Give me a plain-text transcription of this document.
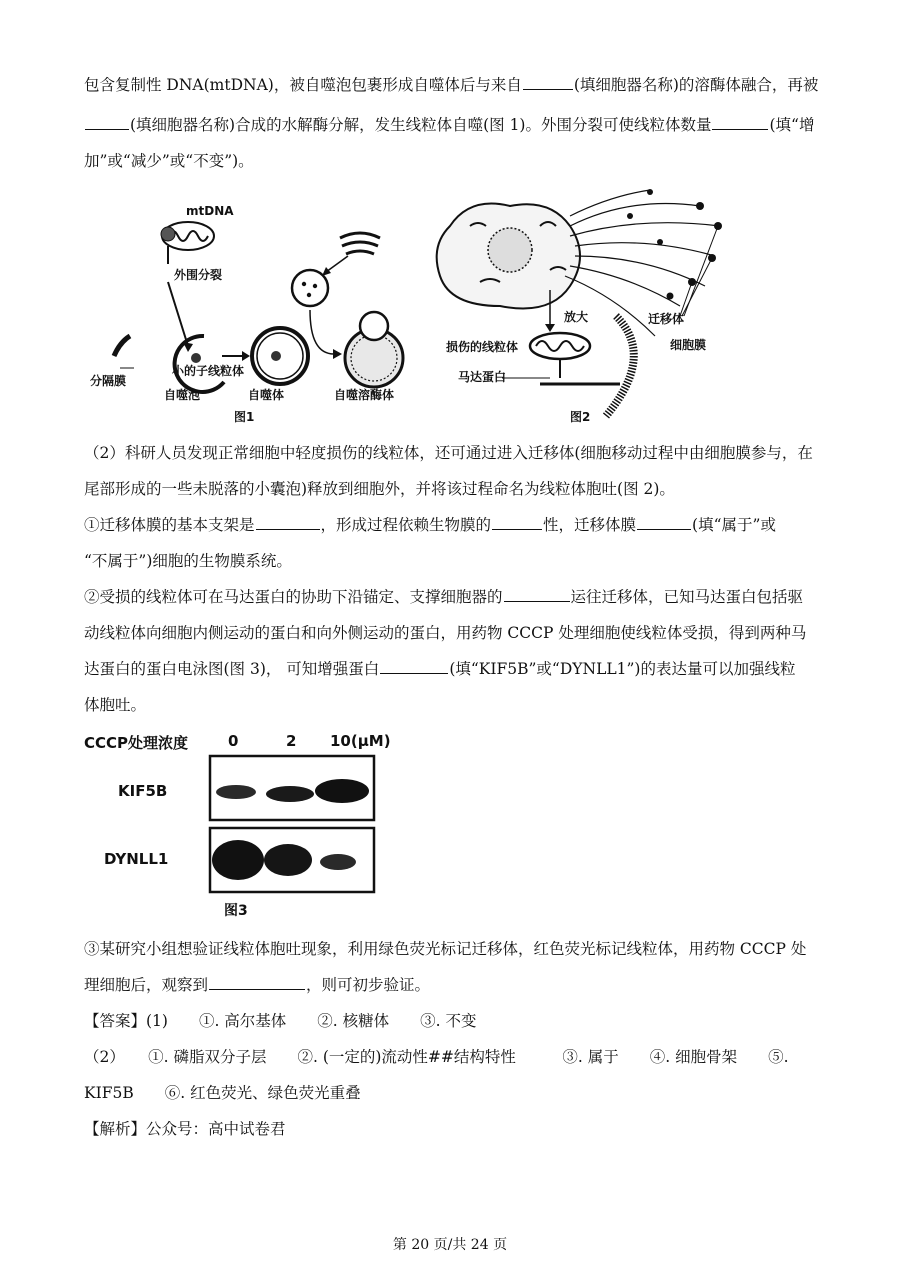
包含复制性 DNA(mtDNA)，被自噬泡包裹形成自噬体后与来自	(填细胞器名称)的溶酶体融合，再被
(填细胞器名称)合成的水解酶分解，发生线粒体自噬(图 1)。外围分裂可使线粒体数量	(填“增
加”或“减少”或“不变”)。
mtDNA
外围分裂
分隔膜
小的子线粒体
自噬泡	自噬体	自噬溶酶体
图1
迁移体
放大
损伤的线粒体	细胞膜
马达蛋白
图2
（2）科研人员发现正常细胞中轻度损伤的线粒体，还可通过进入迁移体(细胞移动过程中由细胞膜参与，在
尾部形成的一些未脱落的小囊泡)释放到细胞外，并将该过程命名为线粒体胞吐(图 2)。
①迁移体膜的基本支架是	，形成过程依赖生物膜的	性，迁移体膜	(填“属于”或
“不属于”)细胞的生物膜系统。
②受损的线粒体可在马达蛋白的协助下沿锚定、支撑细胞器的	运往迁移体，已知马达蛋白包括驱
动线粒体向细胞内侧运动的蛋白和向外侧运动的蛋白，用药物 CCCP 处理细胞使线粒体受损，得到两种马
达蛋白的蛋白电泳图(图 3)， 可知增强蛋白	(填“KIF5B”或“DYNLL1”)的表达量可以加强线粒
体胞吐。
CCCP处理浓度	0	2 10(μM)
KIF5B
DYNLL1
图3
③某研究小组想验证线粒体胞吐现象，利用绿色荧光标记迁移体，红色荧光标记线粒体，用药物 CCCP 处
理细胞后，观察到	，则可初步验证。
【答案】(1)　　①. 高尔基体　　②. 核糖体　　③. 不变
（2）　　①. 磷脂双分子层　　②. (一定的)流动性##结构特性　　　③. 属于　　④. 细胞骨架　　⑤.
KIF5B　　⑥. 红色荧光、绿色荧光重叠
【解析】公众号：高中试卷君
第 20 页/共 24 页
